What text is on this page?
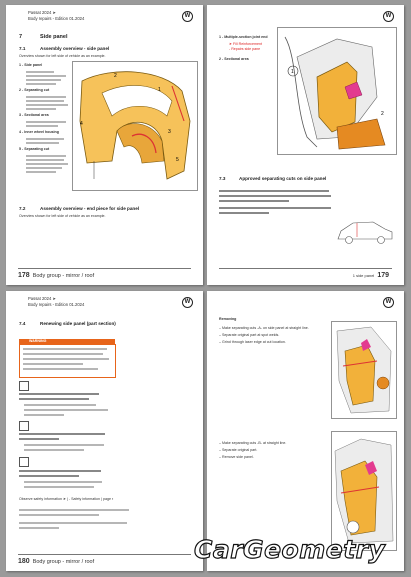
Passat 2024 ➤
Body repairs - Edition 01.2024	W
7	Side panel
7.1	Assembly overview - side panel
Overview shown for left side of vehicle as an example.
1 - Side panel
2 - Separating cut
3 - Sectional area
4 - Inner wheel housing
5 - Separating cut
2
1
4
3
5
7.2	Assembly overview - end piece for side panel
Overview shown for left side of vehicle as an example.
178 Body group - mirror / roof
W
1 - Multiple-section joint end
➤ Fill Reinforcement
- Repairs side pane
2 - Sectional area
1
2
7.3	Approved separating cuts on side panel
1 side panel 179
Passat 2024 ➤
Body repairs - Edition 01.2024	W
7.4	Renewing side panel (part section)
WARNING
Observe safety information ➤ | - Safety information | page ▪
180 Body group - mirror / roof
W
Removing
– Make separating cuts -A- on side panel at straight line.
– Separate original part at spot welds.
– Grind through laser edge at cut location.
– Make separating cuts -B- at straight line.
– Separate original part.
– Remove side panel.
CarGeometry
